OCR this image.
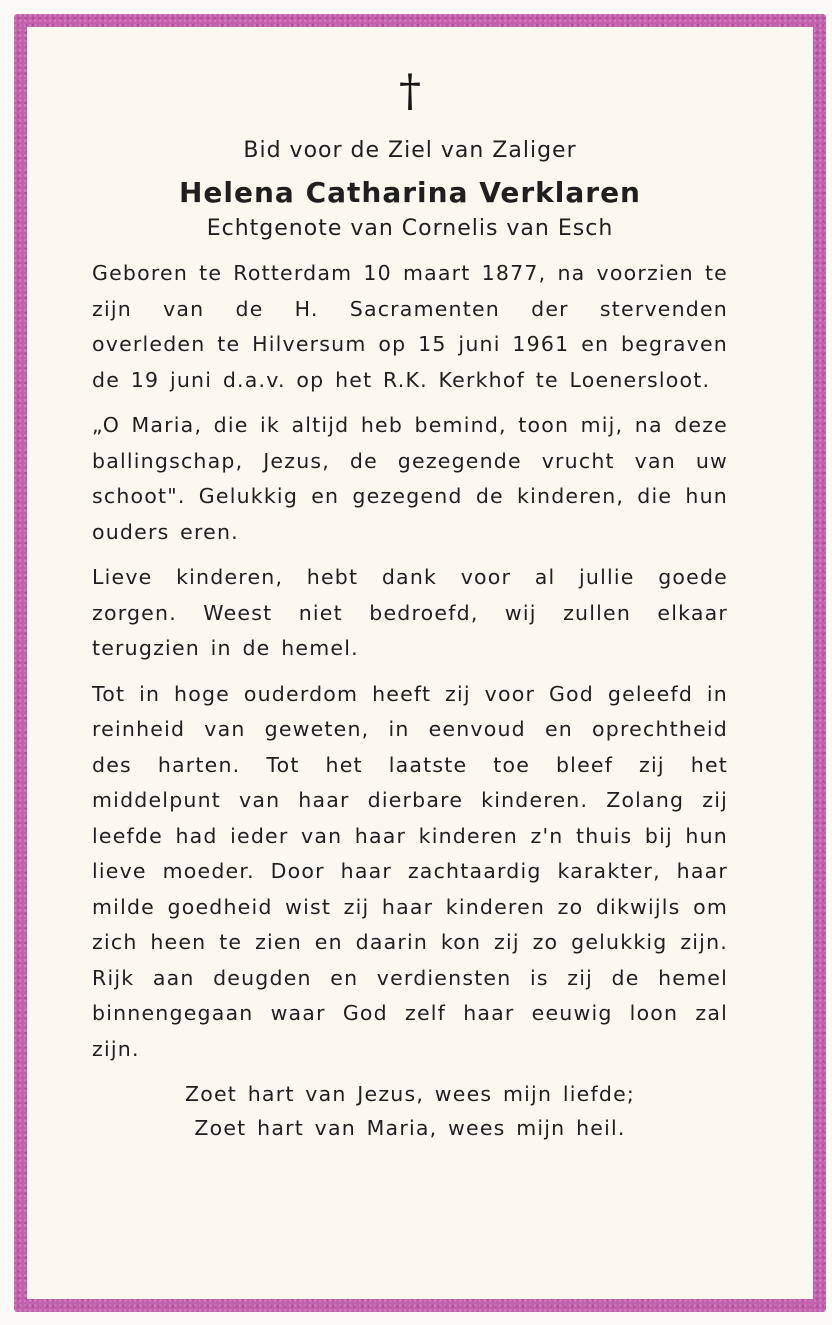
†

Bid voor de Ziel van Zaliger

Helena Catharina Verklaren

Echtgenote van Cornelis van Esch

Geboren te Rotterdam 10 maart 1877, na voorzien te zijn van de H. Sacramenten der stervenden overleden te Hilversum op 15 juni 1961 en begraven de 19 juni d.a.v. op het R.K. Kerkhof te Loenersloot.

„O Maria, die ik altijd heb bemind, toon mij, na deze ballingschap, Jezus, de gezegende vrucht van uw schoot". Gelukkig en gezegend de kinderen, die hun ouders eren.

Lieve kinderen, hebt dank voor al jullie goede zorgen. Weest niet bedroefd, wij zullen elkaar terugzien in de hemel.

Tot in hoge ouderdom heeft zij voor God geleefd in reinheid van geweten, in eenvoud en oprechtheid des harten. Tot het laatste toe bleef zij het middelpunt van haar dierbare kinderen. Zolang zij leefde had ieder van haar kinderen z'n thuis bij hun lieve moeder. Door haar zachtaardig karakter, haar milde goedheid wist zij haar kinderen zo dikwijls om zich heen te zien en daarin kon zij zo gelukkig zijn. Rijk aan deugden en verdiensten is zij de hemel binnengegaan waar God zelf haar eeuwig loon zal zijn.

Zoet hart van Jezus, wees mijn liefde;

Zoet hart van Maria, wees mijn heil.
